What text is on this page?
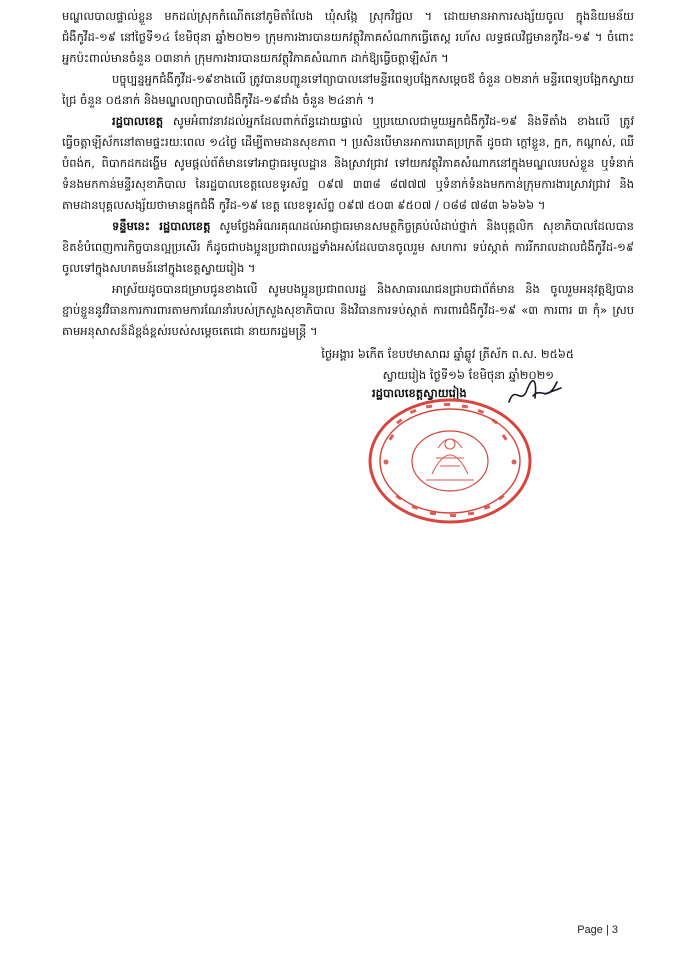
មណ្ឌលបាលផ្ទាល់ខ្លួន មកដល់ស្រុកកំណើតនៅភូមិតាំលែង ឃុំសង្កែ ស្រុកវិជ្ជល ។ ដោយមានអាការសង្ស័យចូល ក្នុងនិយមន័យជំងឺកូវីដ-១៩ នៅថ្ងៃទី១៤ ខែមិថុនា ឆ្នាំ២០២១ ក្រុមការងារបានយកវត្ថុវិភាគសំណាកធ្វើតេស្ត រហ័ស លទ្ធផលវិជ្ជមានកូវីដ-១៩ ។ ចំពោះអ្នកប៉ះពាល់មានចំនួន ០៣នាក់ ក្រុមការងារបានយកវត្ថុវិភាគសំណាក ដាក់ឱ្យធ្វើចត្តាឡីស័ក ។

បច្ចុប្បន្នអ្នកជំងឺកូវីដ-១៩ខាងលើ ត្រូវបានបញ្ជូនទៅព្យាបាលនៅមន្ទីរពេទ្យបង្អែកសម្តេចឪ ចំនួន ០២នាក់ មន្ទីរពេទ្យបង្អែកស្វាយជ្រៃ ចំនួន ០៥នាក់ និងមណ្ឌលព្យាបាលជំងឺកូវីដ-១៩ជាំង ចំនួន ២៤នាក់ ។

រដ្ឋបាលខេត្ត សូមអំពាវនាវដល់អ្នកដែលពាក់ព័ន្ធដោយផ្ទាល់ ឬប្រយោលជាមួយអ្នកជំងឺកូវីដ-១៩ និងទីតាំង ខាងលើ ត្រូវធ្វើចត្តាឡីស័កនៅតាមផ្ទះរយៈពេល ១៤ថ្ងៃ ដើម្បីតាមដានសុខភាព ។ ប្រសិនបើមានអាការរោគប្រក្រតី ដូចជា ក្តៅខ្លួន, ក្អក, កណ្តាស់, ឈឺបំពង់ក, ពិបាកដកដង្ហើម សូមផ្តល់ព័ត៌មានទៅអាជ្ញាធរមូលដ្ឋាន និងស្រាវជ្រាវ ទៅយកវត្ថុវិភាគសំណាកនៅក្នុងមណ្ឌលរបស់ខ្លួន ឬទំនាក់ទំនងមកកាន់មន្ទីរសុខាភិបាល នៃរដ្ឋបាលខេត្តលេខទូរស័ព្ទ ០៩៧ ៣៣៨ ៨៧៧៧ ឬទំនាក់ទំនងមកកាន់ក្រុមការងារស្រាវជ្រាវ និងតាមដានបុគ្គលសង្ស័យថាមានផ្ទុកជំងឺ កូវីដ-១៩ ខេត្ត លេខទូរស័ព្ទ ០៩៧ ៥០៣ ៩៥០៧ / ០៨៨ ៧៨៣ ៦៦៦៦ ។

ទន្ទឹមនេះ រដ្ឋបាលខេត្ត សូមថ្លែងអំណរគុណដល់អាជ្ញាធរមានសមត្ថកិច្ចគ្រប់លំដាប់ថ្នាក់ និងបុគ្គលិក សុខាភិបាលដែលបានខិតខំបំពេញការកិច្ចបានល្អប្រសើរ ក៏ដូចជាបងប្អូនប្រជាពលរដ្ឋទាំងអស់ដែលបានចូលរួម សហការ ទប់ស្កាត់ ការរីករាលដាលជំងឺកូវីដ-១៩ ចូលទៅក្នុងសហគមន៍នៅក្នុងខេត្តស្វាយរៀង ។

អាស្រ័យដូចបានជម្រាបជូនខាងលើ សូមបងប្អូនប្រជាពលរដ្ឋ និងសាធារណជនជ្រាបជាព័ត៌មាន និង ចូលរួមអនុវត្តឱ្យបានខ្ជាប់ខ្ជួននូវវិធានការការពារតាមការណែនាំរបស់ក្រសួងសុខាភិបាល និងវិធានការទប់ស្កាត់ ការពារជំងឺកូវីដ-១៩ «៣ ការពារ ៣ កុំ» ស្របតាមអនុសាសន៍ដ៏ខ្ពង់ខ្ពស់របស់សម្តេចតេជោ នាយករដ្ឋមន្ត្រី ។

ថ្ងៃអង្គារ ៦កើត ខែបឋមាសាឍ ឆ្នាំឆ្លូវ ត្រីស័ក ព.ស. ២៥៦៥
ស្វាយរៀង ថ្ងៃទី១៦ ខែមិថុនា ឆ្នាំ២០២១
រដ្ឋបាលខេត្តស្វាយរៀង
Page | 3
